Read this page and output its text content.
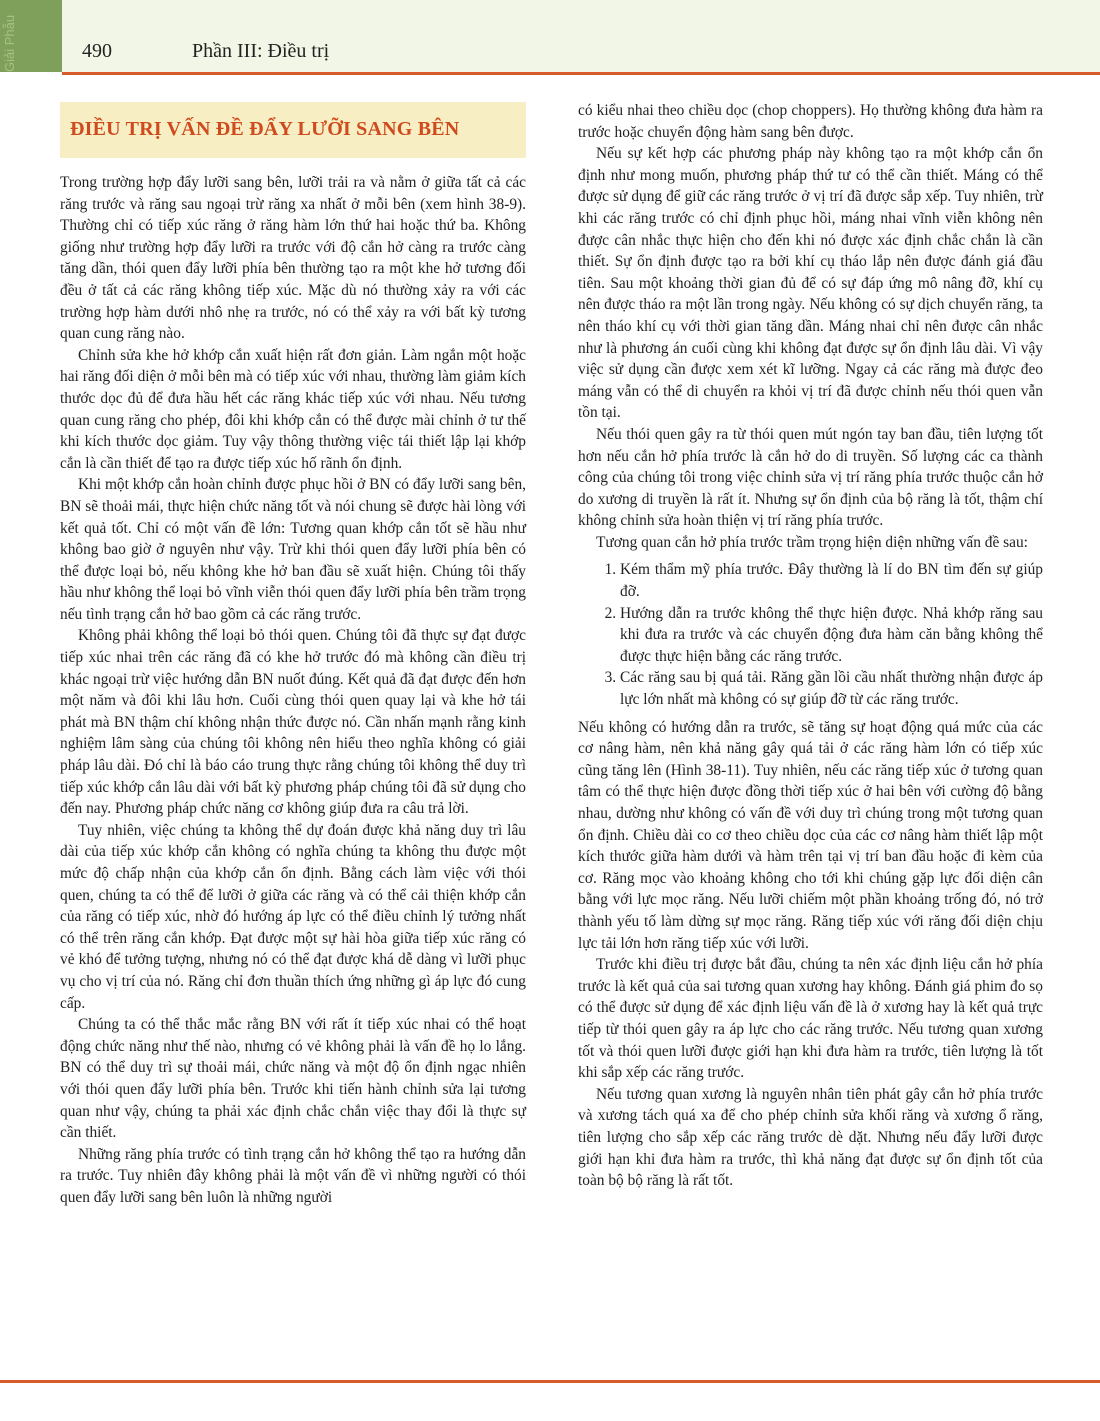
Giải Phẫu	490	Phần III: Điều trị
ĐIỀU TRỊ VẤN ĐỀ ĐẨY LƯỠI SANG BÊN

Trong trường hợp đẩy lưỡi sang bên, lưỡi trải ra và nằm ở giữa tất cả các răng trước và răng sau ngoại trừ răng xa nhất ở mỗi bên (xem hình 38-9). Thường chỉ có tiếp xúc răng ở răng hàm lớn thứ hai hoặc thứ ba. Không giống như trường hợp đẩy lưỡi ra trước với độ cắn hở càng ra trước càng tăng dần, thói quen đẩy lưỡi phía bên thường tạo ra một khe hở tương đối đều ở tất cả các răng không tiếp xúc. Mặc dù nó thường xảy ra với các trường hợp hàm dưới nhô nhẹ ra trước, nó có thể xảy ra với bất kỳ tương quan cung răng nào.

Chỉnh sửa khe hở khớp cắn xuất hiện rất đơn giản. Làm ngắn một hoặc hai răng đối diện ở mỗi bên mà có tiếp xúc với nhau, thường làm giảm kích thước dọc đủ để đưa hầu hết các răng khác tiếp xúc với nhau. Nếu tương quan cung răng cho phép, đôi khi khớp cắn có thể được mài chỉnh ở tư thế khi kích thước dọc giảm. Tuy vậy thông thường việc tái thiết lập lại khớp cắn là cần thiết để tạo ra được tiếp xúc hố rãnh ổn định.

Khi một khớp cắn hoàn chỉnh được phục hồi ở BN có đẩy lưỡi sang bên, BN sẽ thoải mái, thực hiện chức năng tốt và nói chung sẽ được hài lòng với kết quả tốt. Chỉ có một vấn đề lớn: Tương quan khớp cắn tốt sẽ hầu như không bao giờ ở nguyên như vậy. Trừ khi thói quen đẩy lưỡi phía bên có thể được loại bỏ, nếu không khe hở ban đầu sẽ xuất hiện. Chúng tôi thấy hầu như không thể loại bỏ vĩnh viễn thói quen đẩy lưỡi phía bên trầm trọng nếu tình trạng cắn hở bao gồm cả các răng trước.

Không phải không thể loại bỏ thói quen. Chúng tôi đã thực sự đạt được tiếp xúc nhai trên các răng đã có khe hở trước đó mà không cần điều trị khác ngoại trừ việc hướng dẫn BN nuốt đúng. Kết quả đã đạt được đến hơn một năm và đôi khi lâu hơn. Cuối cùng thói quen quay lại và khe hở tái phát mà BN thậm chí không nhận thức được nó. Cần nhấn mạnh rằng kinh nghiệm lâm sàng của chúng tôi không nên hiểu theo nghĩa không có giải pháp lâu dài. Đó chỉ là báo cáo trung thực rằng chúng tôi không thể duy trì tiếp xúc khớp cắn lâu dài với bất kỳ phương pháp chúng tôi đã sử dụng cho đến nay. Phương pháp chức năng cơ không giúp đưa ra câu trả lời.

Tuy nhiên, việc chúng ta không thể dự đoán được khả năng duy trì lâu dài của tiếp xúc khớp cắn không có nghĩa chúng ta không thu được một mức độ chấp nhận của khớp cắn ổn định. Bằng cách làm việc với thói quen, chúng ta có thể để lưỡi ở giữa các răng và có thể cải thiện khớp cắn của răng có tiếp xúc, nhờ đó hướng áp lực có thể điều chỉnh lý tưởng nhất có thể trên răng cắn khớp. Đạt được một sự hài hòa giữa tiếp xúc răng có vẻ khó để tưởng tượng, nhưng nó có thể đạt được khá dễ dàng vì lưỡi phục vụ cho vị trí của nó. Răng chỉ đơn thuần thích ứng những gì áp lực đó cung cấp.

Chúng ta có thể thắc mắc rằng BN với rất ít tiếp xúc nhai có thể hoạt động chức năng như thế nào, nhưng có vẻ không phải là vấn đề họ lo lắng. BN có thể duy trì sự thoải mái, chức năng và một độ ổn định ngạc nhiên với thói quen đẩy lưỡi phía bên. Trước khi tiến hành chỉnh sửa lại tương quan như vậy, chúng ta phải xác định chắc chắn việc thay đổi là thực sự cần thiết.

Những răng phía trước có tình trạng cắn hở không thể tạo ra hướng dẫn ra trước. Tuy nhiên đây không phải là một vấn đề vì những người có thói quen đẩy lưỡi sang bên luôn là những người

có kiểu nhai theo chiều dọc (chop choppers). Họ thường không đưa hàm ra trước hoặc chuyển động hàm sang bên được.

Nếu sự kết hợp các phương pháp này không tạo ra một khớp cắn ổn định như mong muốn, phương pháp thứ tư có thể cần thiết. Máng có thể được sử dụng để giữ các răng trước ở vị trí đã được sắp xếp. Tuy nhiên, trừ khi các răng trước có chỉ định phục hồi, máng nhai vĩnh viễn không nên được cân nhắc thực hiện cho đến khi nó được xác định chắc chắn là cần thiết. Sự ổn định được tạo ra bởi khí cụ tháo lắp nên được đánh giá đầu tiên. Sau một khoảng thời gian đủ để có sự đáp ứng mô nâng đỡ, khí cụ nên được tháo ra một lần trong ngày. Nếu không có sự dịch chuyển răng, ta nên tháo khí cụ với thời gian tăng dần. Máng nhai chỉ nên được cân nhắc như là phương án cuối cùng khi không đạt được sự ổn định lâu dài. Vì vậy việc sử dụng cần được xem xét kĩ lưỡng. Ngay cả các răng mà được đeo máng vẫn có thể di chuyển ra khỏi vị trí đã được chỉnh nếu thói quen vẫn tồn tại.

Nếu thói quen gây ra từ thói quen mút ngón tay ban đầu, tiên lượng tốt hơn nếu cắn hở phía trước là cắn hở do di truyền. Số lượng các ca thành công của chúng tôi trong việc chỉnh sửa vị trí răng phía trước thuộc cắn hở do xương di truyền là rất ít. Nhưng sự ổn định của bộ răng là tốt, thậm chí không chỉnh sửa hoàn thiện vị trí răng phía trước.

Tương quan cắn hở phía trước trầm trọng hiện diện những vấn đề sau:

1. Kém thẩm mỹ phía trước. Đây thường là lí do BN tìm đến sự giúp đỡ.
2. Hướng dẫn ra trước không thể thực hiện được. Nhả khớp răng sau khi đưa ra trước và các chuyển động đưa hàm căn bằng không thể được thực hiện bằng các răng trước.
3. Các răng sau bị quá tải. Răng gần lồi cầu nhất thường nhận được áp lực lớn nhất mà không có sự giúp đỡ từ các răng trước.

Nếu không có hướng dẫn ra trước, sẽ tăng sự hoạt động quá mức của các cơ nâng hàm, nên khả năng gây quá tải ở các răng hàm lớn có tiếp xúc cũng tăng lên (Hình 38-11). Tuy nhiên, nếu các răng tiếp xúc ở tương quan tâm có thể thực hiện được đồng thời tiếp xúc ở hai bên với cường độ bằng nhau, dường như không có vấn đề với duy trì chúng trong một tương quan ổn định. Chiều dài co cơ theo chiều dọc của các cơ nâng hàm thiết lập một kích thước giữa hàm dưới và hàm trên tại vị trí ban đầu hoặc đi kèm của cơ. Răng mọc vào khoảng không cho tới khi chúng gặp lực đối diện cân bằng với lực mọc răng. Nếu lưỡi chiếm một phần khoảng trống đó, nó trở thành yếu tố làm dừng sự mọc răng. Răng tiếp xúc với răng đối diện chịu lực tải lớn hơn răng tiếp xúc với lưỡi.

Trước khi điều trị được bắt đầu, chúng ta nên xác định liệu cắn hở phía trước là kết quả của sai tương quan xương hay không. Đánh giá phim đo sọ có thể được sử dụng để xác định liệu vấn đề là ở xương hay là kết quả trực tiếp từ thói quen gây ra áp lực cho các răng trước. Nếu tương quan xương tốt và thói quen lưỡi được giới hạn khi đưa hàm ra trước, tiên lượng là tốt khi sắp xếp các răng trước.

Nếu tương quan xương là nguyên nhân tiên phát gây cắn hở phía trước và xương tách quá xa để cho phép chỉnh sửa khối răng và xương ổ răng, tiên lượng cho sắp xếp các răng trước dè dặt. Nhưng nếu đẩy lưỡi được giới hạn khi đưa hàm ra trước, thì khả năng đạt được sự ổn định tốt của toàn bộ bộ răng là rất tốt.
